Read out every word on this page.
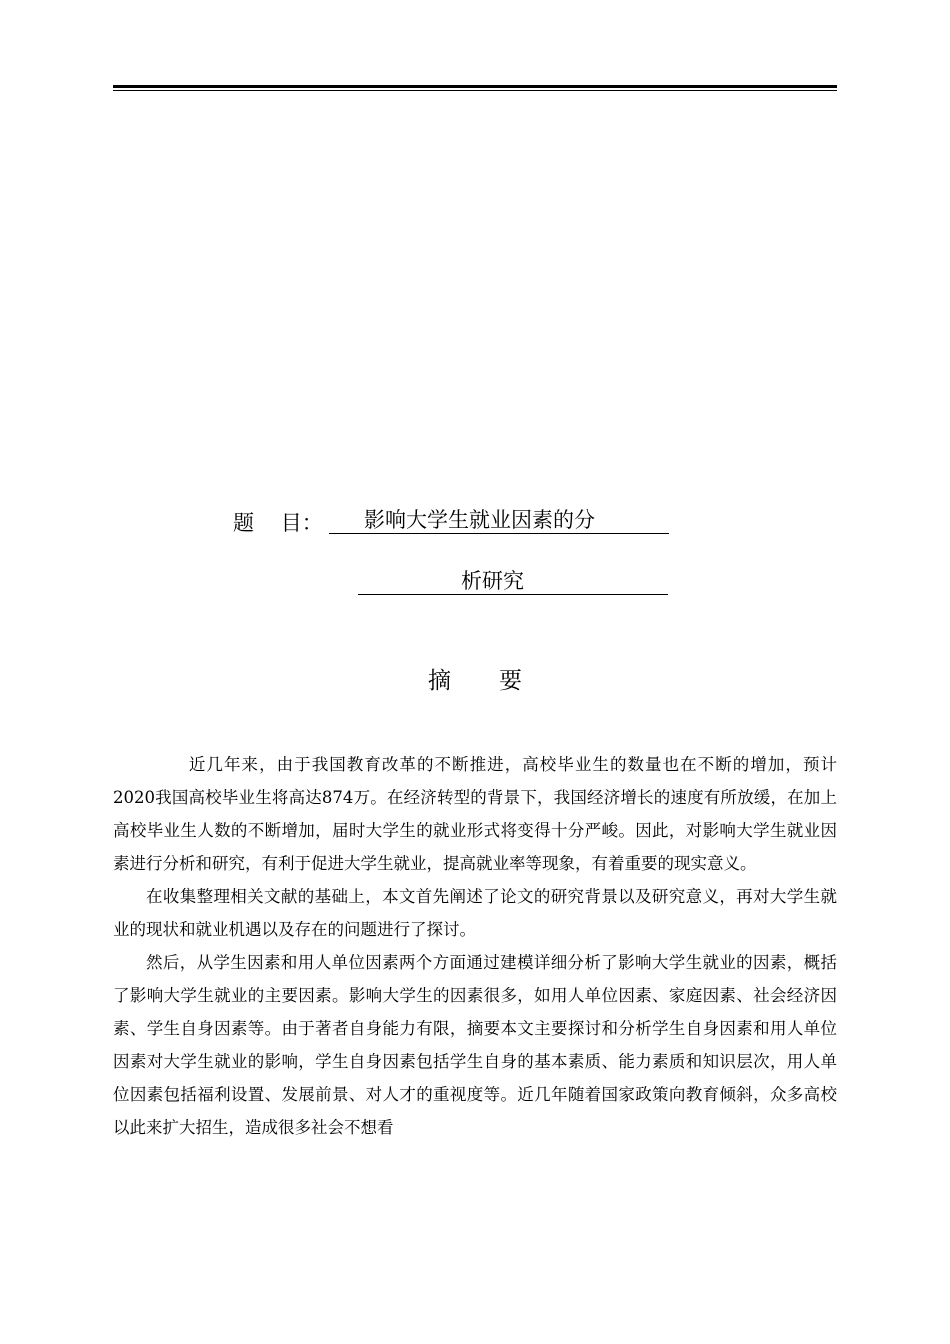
题    目：	影响大学生就业因素的分
析研究
摘要

近几年来，由于我国教育改革的不断推进，高校毕业生的数量也在不断的增加，预计2020我国高校毕业生将高达874万。在经济转型的背景下，我国经济增长的速度有所放缓，在加上高校毕业生人数的不断增加，届时大学生的就业形式将变得十分严峻。因此，对影响大学生就业因素进行分析和研究，有利于促进大学生就业，提高就业率等现象，有着重要的现实意义。

在收集整理相关文献的基础上，本文首先阐述了论文的研究背景以及研究意义，再对大学生就业的现状和就业机遇以及存在的问题进行了探讨。

然后，从学生因素和用人单位因素两个方面通过建模详细分析了影响大学生就业的因素，概括了影响大学生就业的主要因素。影响大学生的因素很多，如用人单位因素、家庭因素、社会经济因素、学生自身因素等。由于著者自身能力有限，摘要本文主要探讨和分析学生自身因素和用人单位因素对大学生就业的影响，学生自身因素包括学生自身的基本素质、能力素质和知识层次，用人单位因素包括福利设置、发展前景、对人才的重视度等。近几年随着国家政策向教育倾斜，众多高校以此来扩大招生，造成很多社会不想看
